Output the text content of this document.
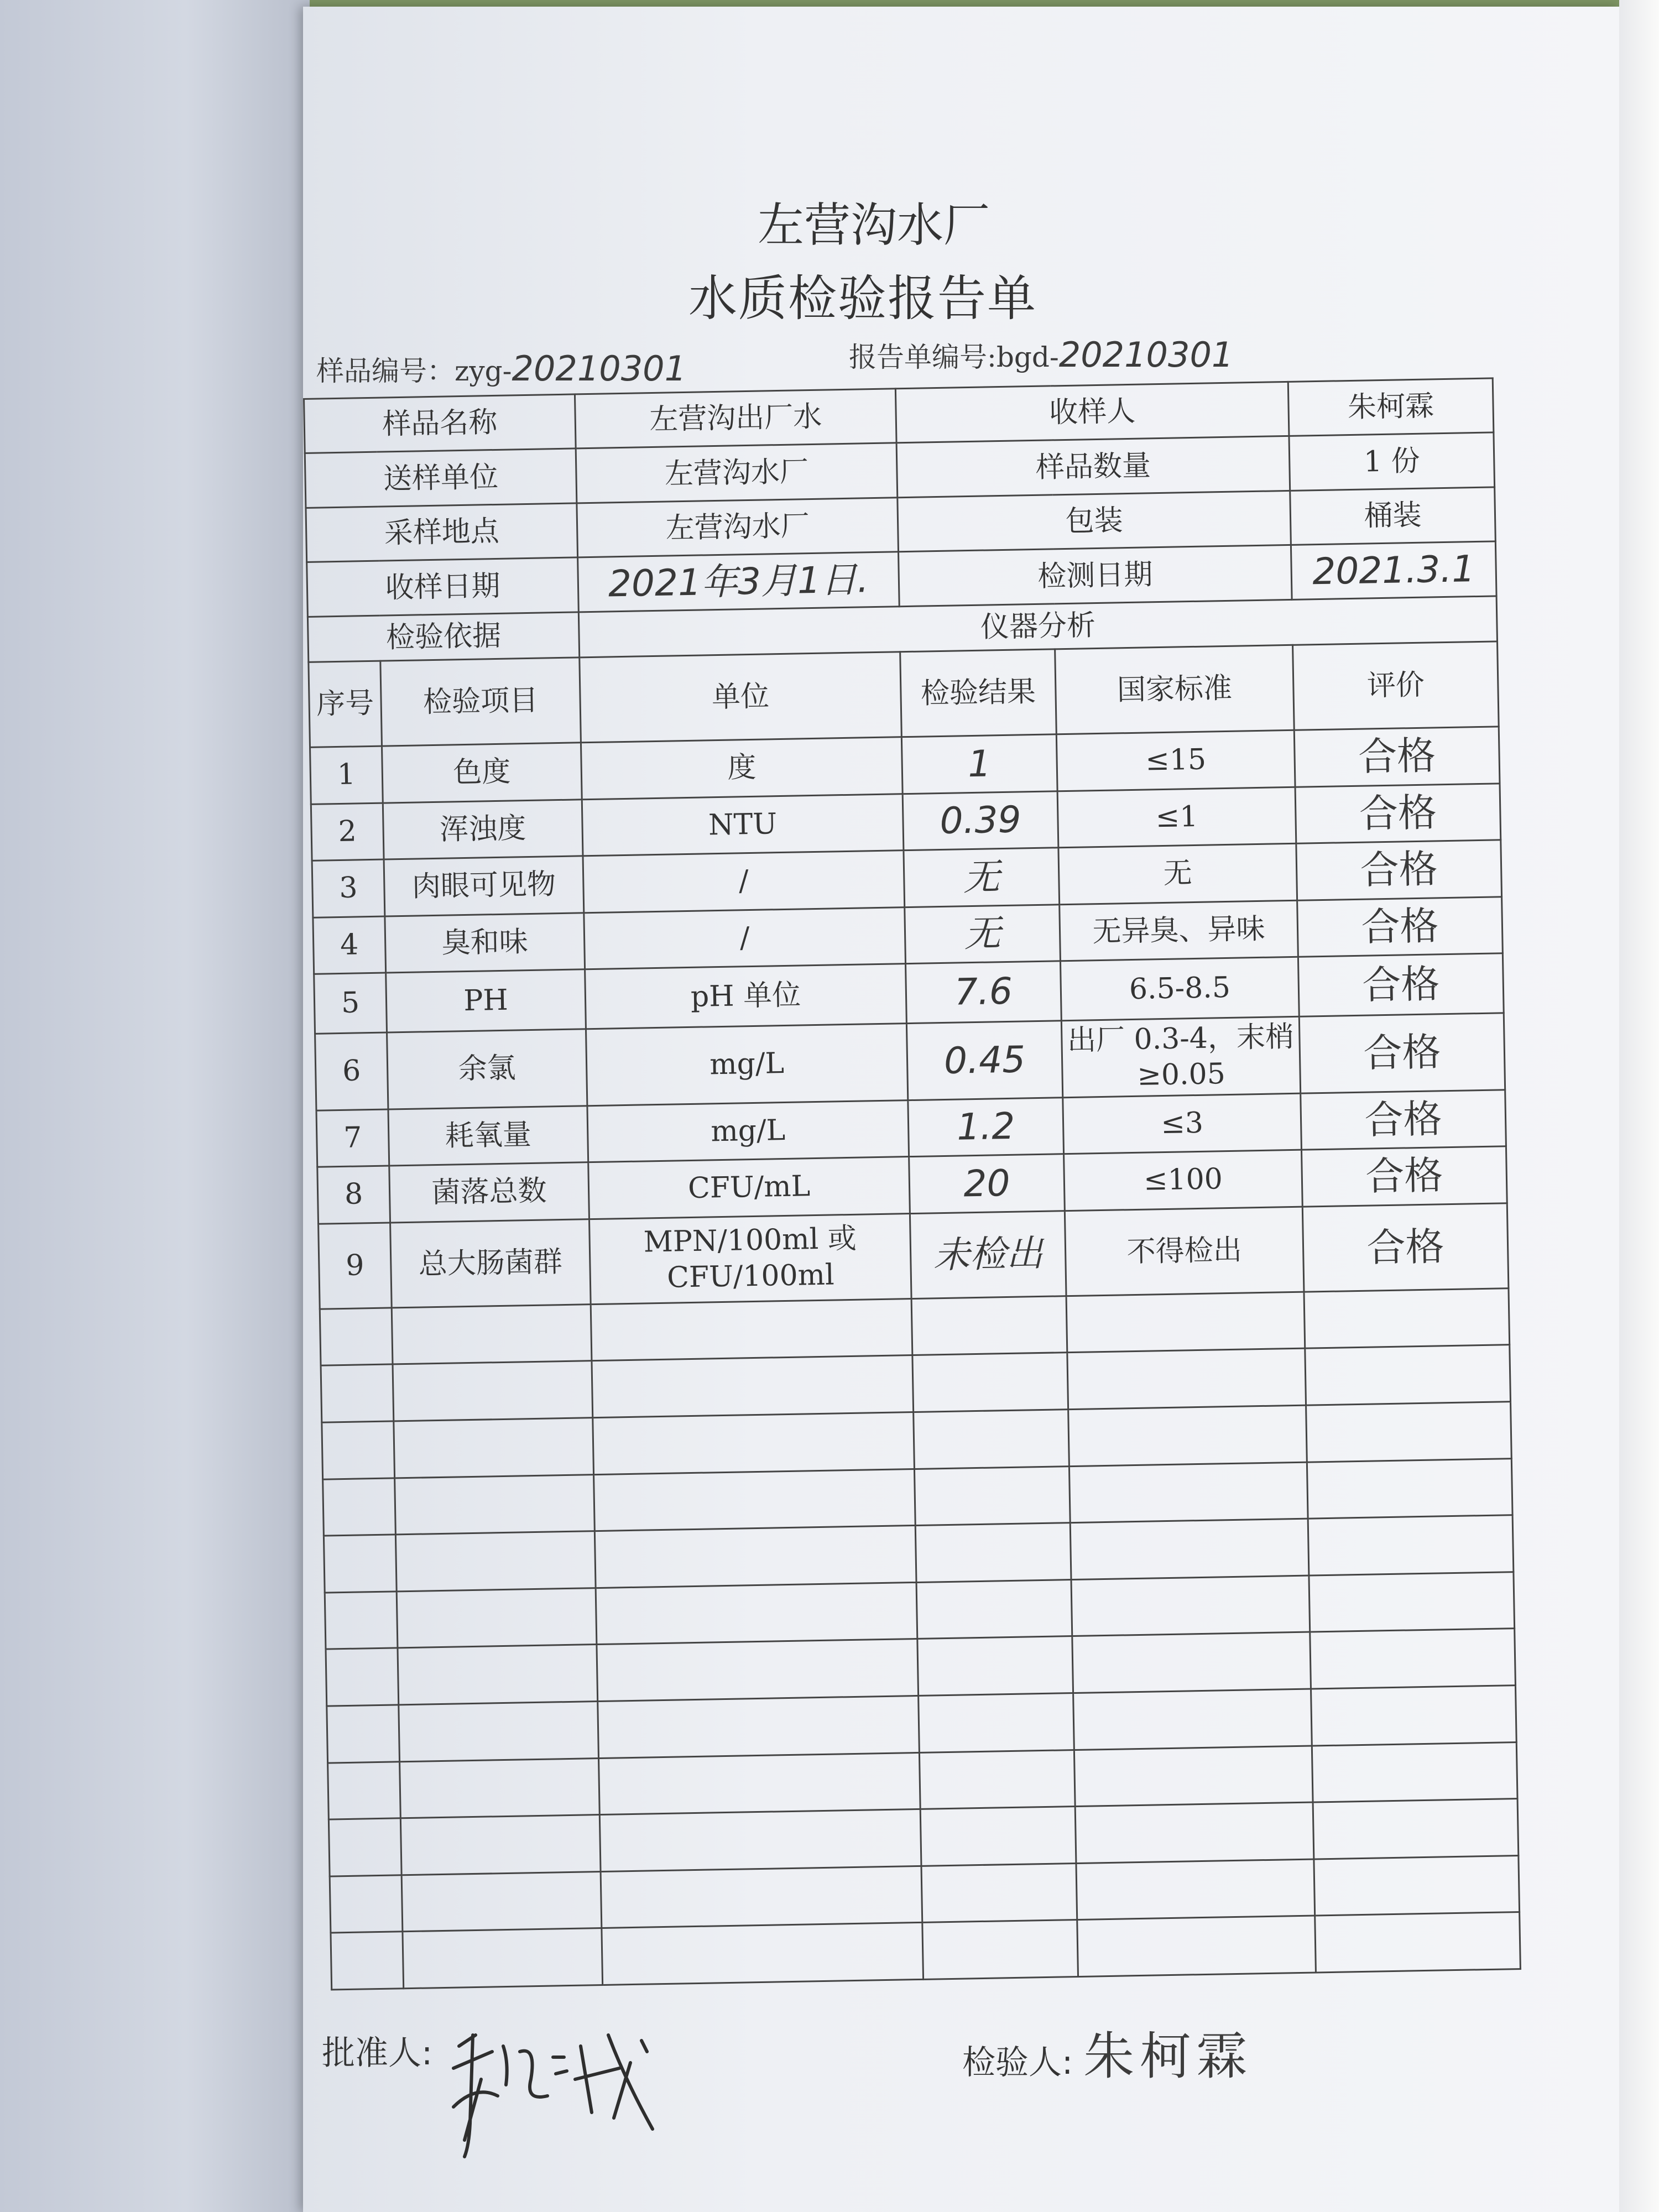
左营沟水厂
水质检验报告单
样品编号：zyg-20210301	报告单编号:bgd-20210301
样品名称		左营沟出厂水	收样人		朱柯霖
送样单位		左营沟水厂	样品数量		1 份
采样地点		左营沟水厂	包装		桶装
收样日期		2021年3月1日.	检测日期		2021.3.1
检验依据		仪器分析			
序号	检验项目	单位	检验结果	国家标准	评价
1	色度	度	1	≤15	合格
2	浑浊度	NTU	0.39	≤1	合格
3	肉眼可见物	/	无	无	合格
4	臭和味	/	无	无异臭、异味	合格
5	PH	pH 单位	7.6	6.5-8.5	合格
6	余氯	mg/L	0.45	出厂 0.3-4，末梢≥0.05	合格
7	耗氧量	mg/L	1.2	≤3	合格
8	菌落总数	CFU/mL	20	≤100	合格
9	总大肠菌群	MPN/100ml 或 CFU/100ml	未检出	不得检出	合格

批准人:	检验人: 朱柯霖
